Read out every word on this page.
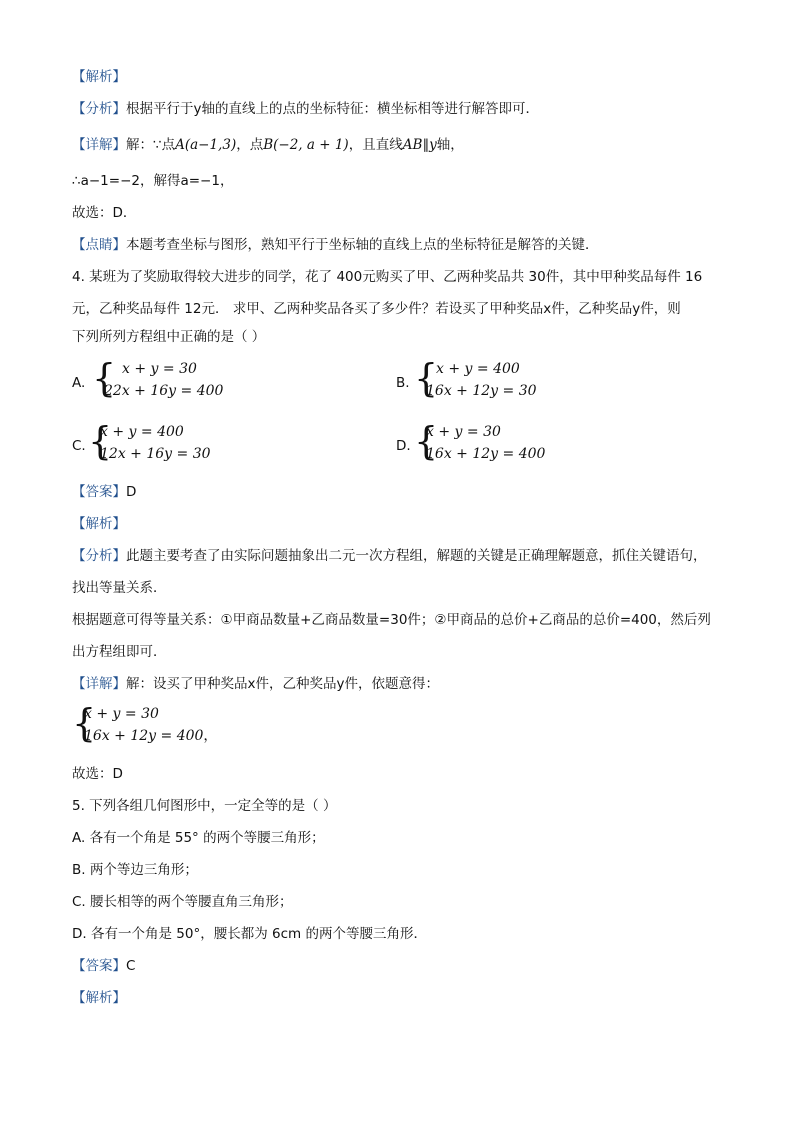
【解析】
【分析】根据平行于y轴的直线上的点的坐标特征：横坐标相等进行解答即可．
【详解】解：∵点A(a−1,3)，点B(−2, a + 1)，且直线AB∥y轴，
∴a−1=−2，解得a=−1，
故选：D．
【点睛】本题考查坐标与图形，熟知平行于坐标轴的直线上点的坐标特征是解答的关键．
4. 某班为了奖励取得较大进步的同学，花了 400元购买了甲、乙两种奖品共 30件，其中甲种奖品每件 16
元，乙种奖品每件 12元． 求甲、乙两种奖品各买了多少件？若设买了甲种奖品x件，乙种奖品y件，则
下列所列方程组中正确的是（ ）
A. { x + y = 30
22x + 16y = 400	B. {
x + y = 400
16x + 12y = 30
C. {
x + y = 400
12x + 16y = 30	D. {
x + y = 30
16x + 12y = 400
【答案】D
【解析】
【分析】此题主要考查了由实际问题抽象出二元一次方程组，解题的关键是正确理解题意，抓住关键语句，
找出等量关系．
根据题意可得等量关系：①甲商品数量+乙商品数量=30件；②甲商品的总价+乙商品的总价=400，然后列
出方程组即可．
【详解】解：设买了甲种奖品x件，乙种奖品y件，依题意得：
{
x + y = 30
16x + 12y = 400，
故选：D
5. 下列各组几何图形中，一定全等的是（ ）
A. 各有一个角是 55° 的两个等腰三角形；
B. 两个等边三角形；
C. 腰长相等的两个等腰直角三角形；
D. 各有一个角是 50°，腰长都为 6cm 的两个等腰三角形．
【答案】C
【解析】
